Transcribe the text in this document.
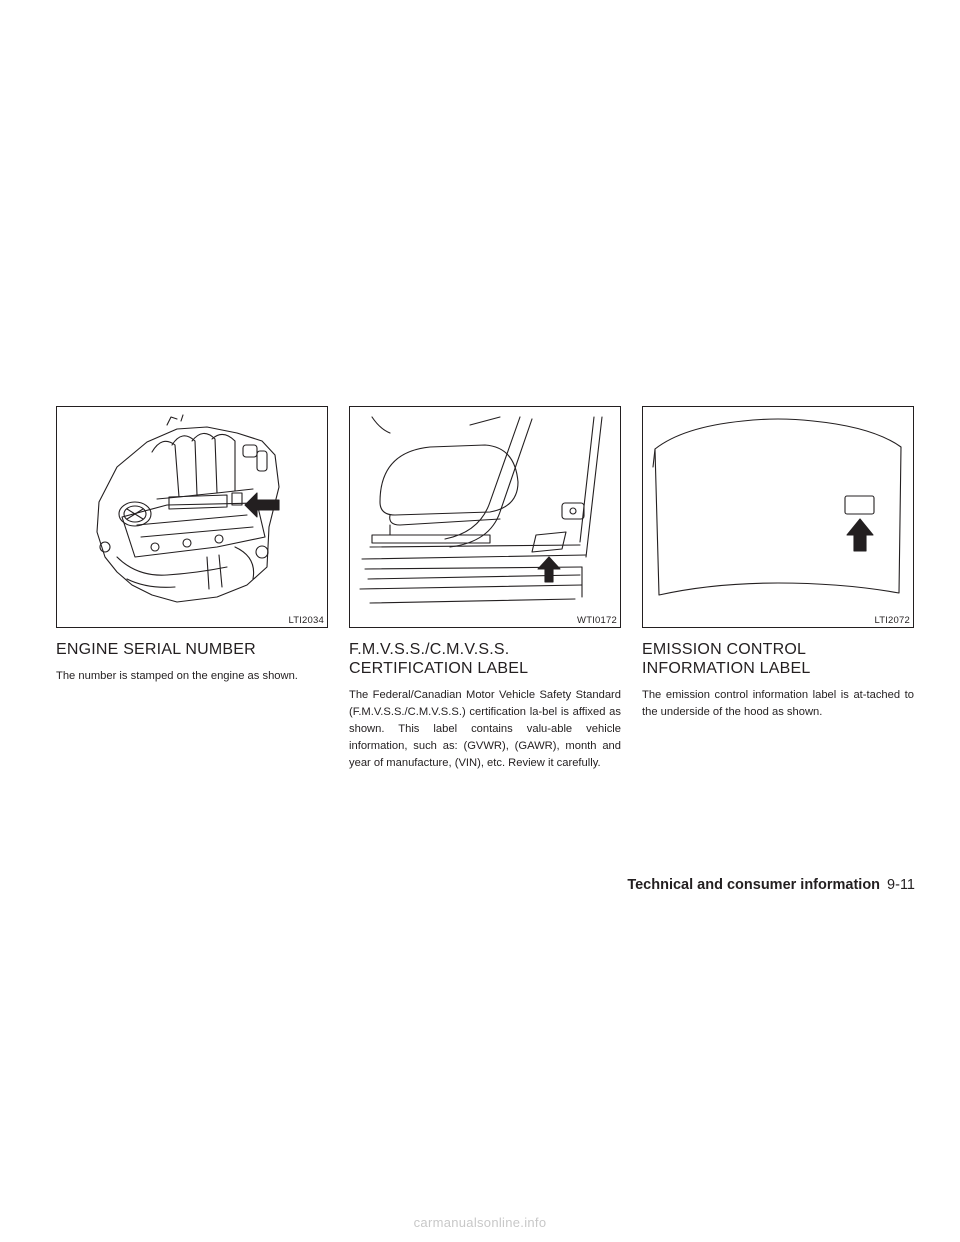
LTI2034
ENGINE SERIAL NUMBER

The number is stamped on the engine as shown.

WTI0172
F.M.V.S.S./C.M.V.S.S.
CERTIFICATION LABEL

The Federal/Canadian Motor Vehicle Safety Standard (F.M.V.S.S./C.M.V.S.S.) certification la-bel is affixed as shown. This label contains valu-able vehicle information, such as: (GVWR), (GAWR), month and year of manufacture, (VIN), etc. Review it carefully.

LTI2072
EMISSION CONTROL
INFORMATION LABEL

The emission control information label is at-tached to the underside of the hood as shown.

Technical and consumer information 9-11
carmanualsonline.info
